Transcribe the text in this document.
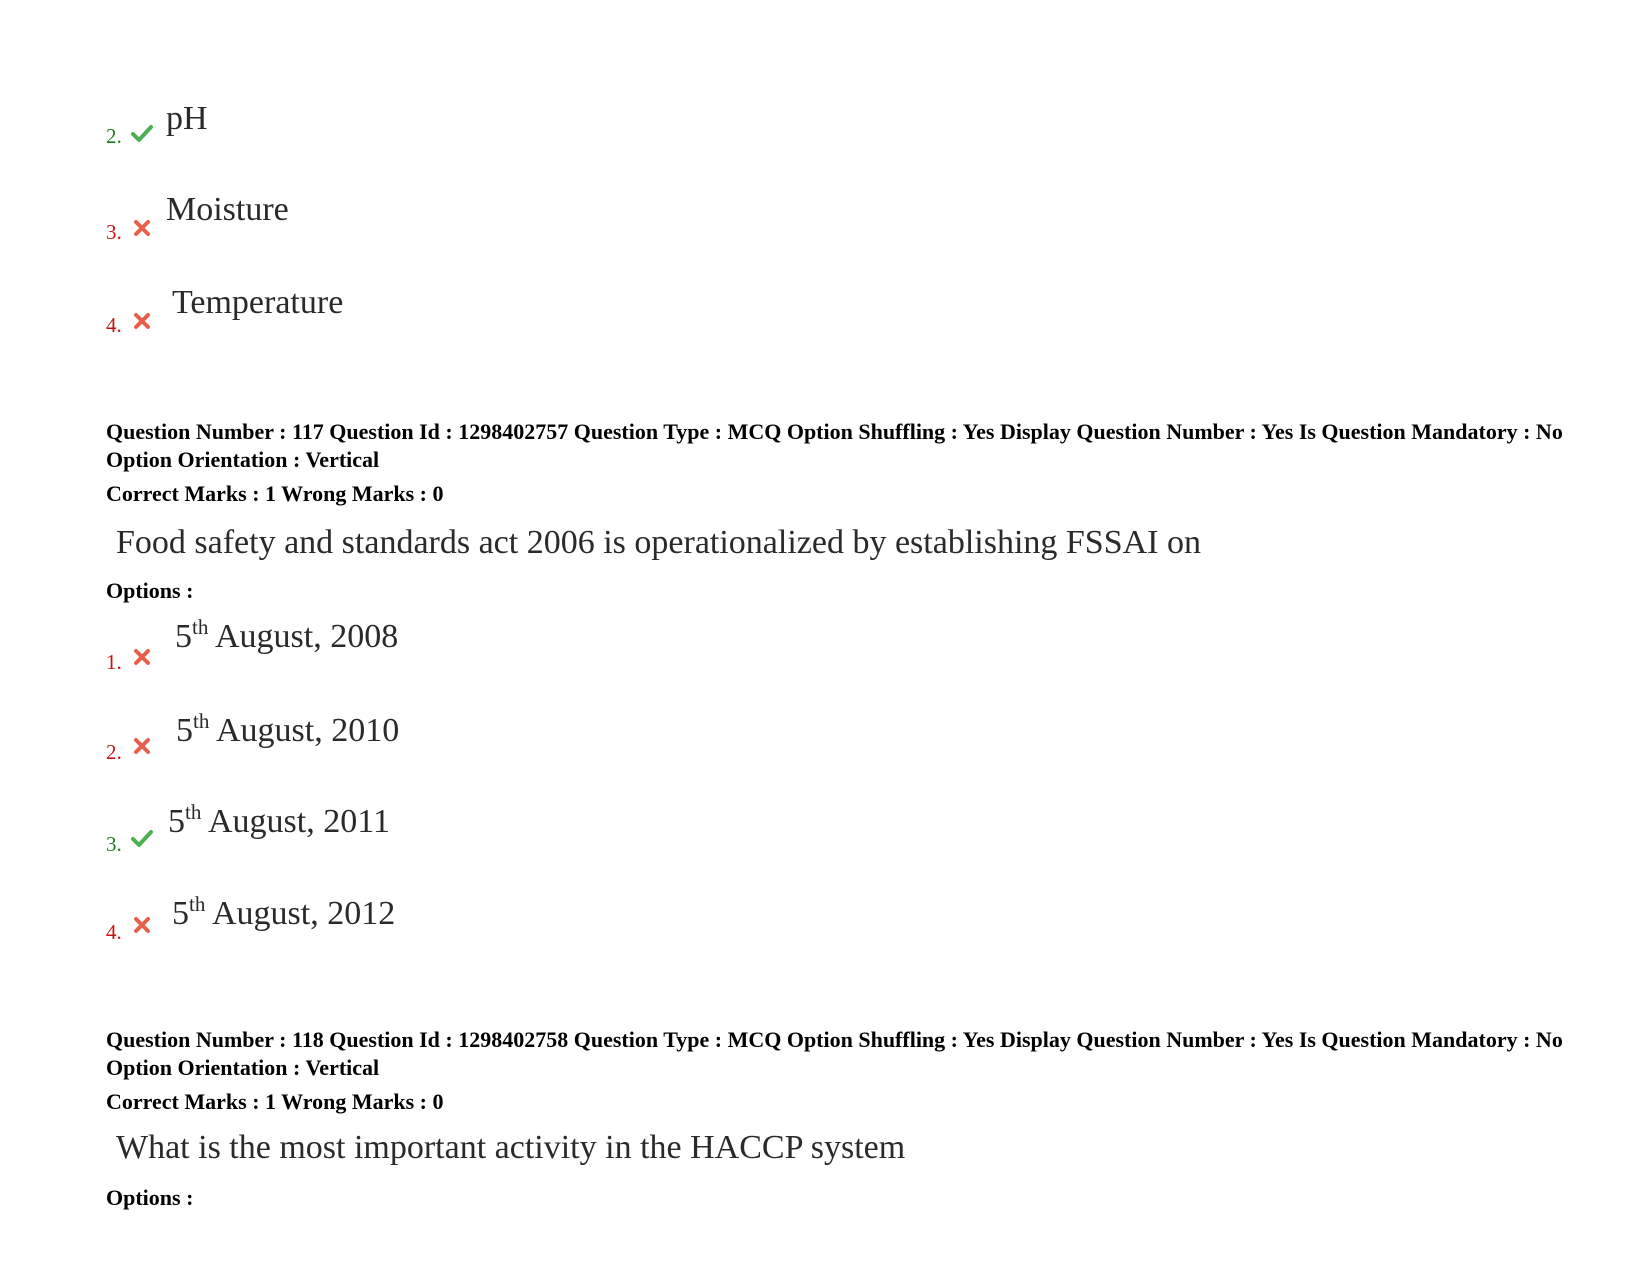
2. pH
3.
Moisture
4.
Temperature
Question Number : 117 Question Id : 1298402757 Question Type : MCQ Option Shuffling : Yes Display Question Number : Yes Is Question Mandatory : No Option Orientation : Vertical
Correct Marks : 1 Wrong Marks : 0
Food safety and standards act 2006 is operationalized by establishing FSSAI on
Options :
1.
5th August, 2008
2.
5th August, 2010
3.
5th August, 2011
4. 5th August, 2012
Question Number : 118 Question Id : 1298402758 Question Type : MCQ Option Shuffling : Yes Display Question Number : Yes Is Question Mandatory : No Option Orientation : Vertical
Correct Marks : 1 Wrong Marks : 0
What is the most important activity in the HACCP system
Options :
